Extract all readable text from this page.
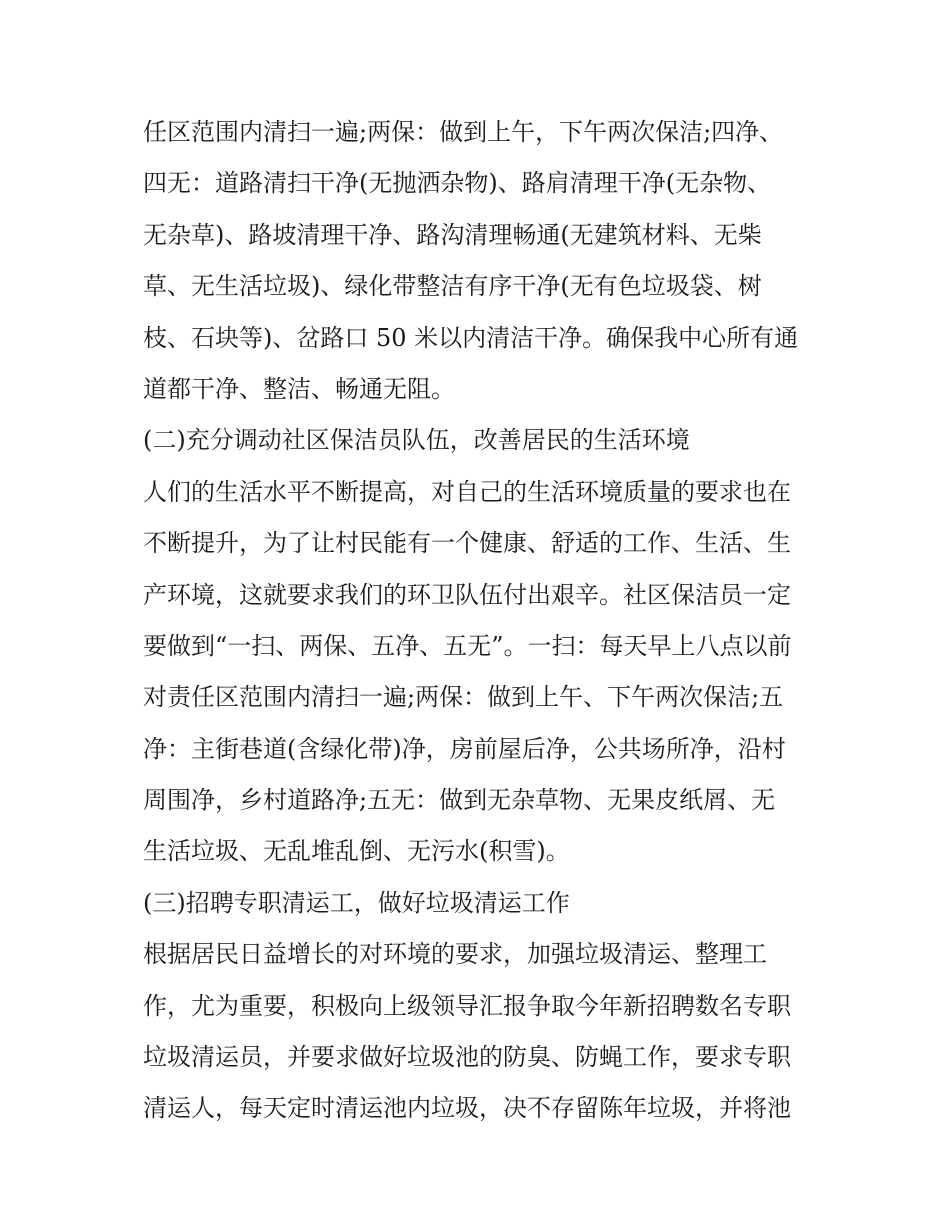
任区范围内清扫一遍;两保：做到上午，下午两次保洁;四净、

四无：道路清扫干净(无抛洒杂物)、路肩清理干净(无杂物、

无杂草)、路坡清理干净、路沟清理畅通(无建筑材料、无柴

草、无生活垃圾)、绿化带整洁有序干净(无有色垃圾袋、树

枝、石块等)、岔路口 50 米以内清洁干净。确保我中心所有通

道都干净、整洁、畅通无阻。

(二)充分调动社区保洁员队伍，改善居民的生活环境

人们的生活水平不断提高，对自己的生活环境质量的要求也在

不断提升，为了让村民能有一个健康、舒适的工作、生活、生

产环境，这就要求我们的环卫队伍付出艰辛。社区保洁员一定

要做到“一扫、两保、五净、五无”。一扫：每天早上八点以前

对责任区范围内清扫一遍;两保：做到上午、下午两次保洁;五

净：主街巷道(含绿化带)净，房前屋后净，公共场所净，沿村

周围净，乡村道路净;五无：做到无杂草物、无果皮纸屑、无

生活垃圾、无乱堆乱倒、无污水(积雪)。

(三)招聘专职清运工，做好垃圾清运工作

根据居民日益增长的对环境的要求，加强垃圾清运、整理工

作，尤为重要，积极向上级领导汇报争取今年新招聘数名专职

垃圾清运员，并要求做好垃圾池的防臭、防蝇工作，要求专职

清运人，每天定时清运池内垃圾，决不存留陈年垃圾，并将池
